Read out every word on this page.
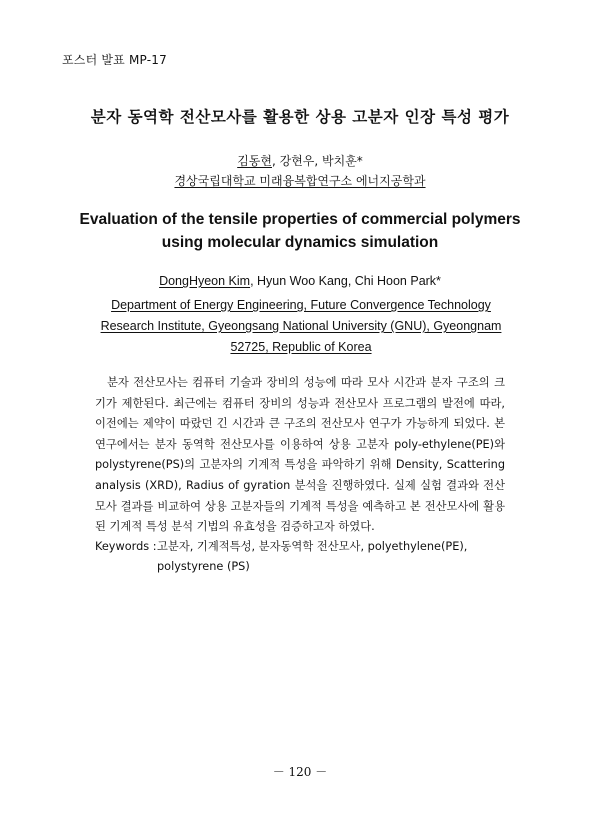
포스터 발표 MP-17
분자 동역학 전산모사를 활용한 상용 고분자 인장 특성 평가
김동현, 강현우, 박치훈*
경상국립대학교 미래융복합연구소 에너지공학과
Evaluation of the tensile properties of commercial polymers using molecular dynamics simulation
DongHyeon Kim, Hyun Woo Kang, Chi Hoon Park*
Department of Energy Engineering, Future Convergence Technology Research Institute, Gyeongsang National University (GNU), Gyeongnam 52725, Republic of Korea
분자 전산모사는 컴퓨터 기술과 장비의 성능에 따라 모사 시간과 분자 구조의 크기가 제한된다. 최근에는 컴퓨터 장비의 성능과 전산모사 프로그램의 발전에 따라, 이전에는 제약이 따랐던 긴 시간과 큰 구조의 전산모사 연구가 가능하게 되었다. 본 연구에서는 분자 동역학 전산모사를 이용하여 상용 고분자 poly-ethylene(PE)와 polystyrene(PS)의 고분자의 기계적 특성을 파악하기 위해 Density, Scattering analysis (XRD), Radius of gyration 분석을 진행하였다. 실제 실험 결과와 전산모사 결과를 비교하여 상용 고분자들의 기계적 특성을 예측하고 본 전산모사에 활용된 기계적 특성 분석 기법의 유효성을 검증하고자 하였다.
Keywords : 고분자, 기계적특성, 분자동역학 전산모사, polyethylene(PE), polystyrene (PS)
－ 120 －
